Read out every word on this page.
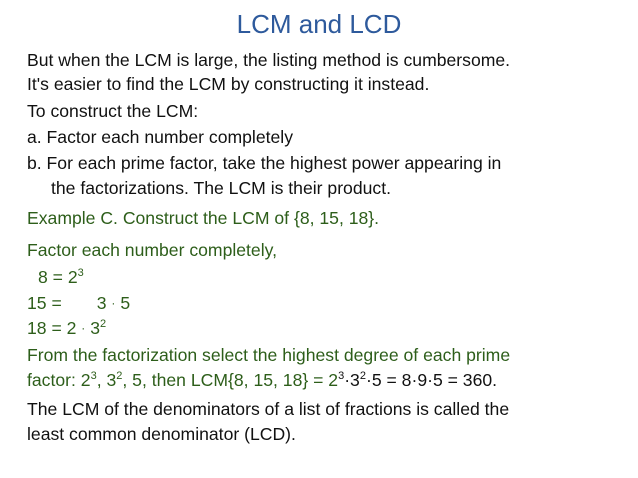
LCM and LCD
But when the LCM is large, the listing method is cumbersome.
It's easier to find the LCM by constructing it instead.
To construct the LCM:
a. Factor each number completely
b. For each prime factor, take the highest power appearing in
the factorizations. The LCM is their product.
Example C. Construct the LCM of {8, 15, 18}.
Factor each number completely,
$8 = 2^3$
15 = 3 · 5
$18 = 2 \cdot 3^2$
From the factorization select the highest degree of each prime
factor: $2^3$, $3^2$, 5, then LCM{8, 15, $18\} = 2^3\cdot 3^2\cdot 5 = 8\cdot 9\cdot 5 = 360$.
The LCM of the denominators of a list of fractions is called the
least common denominator (LCD).
